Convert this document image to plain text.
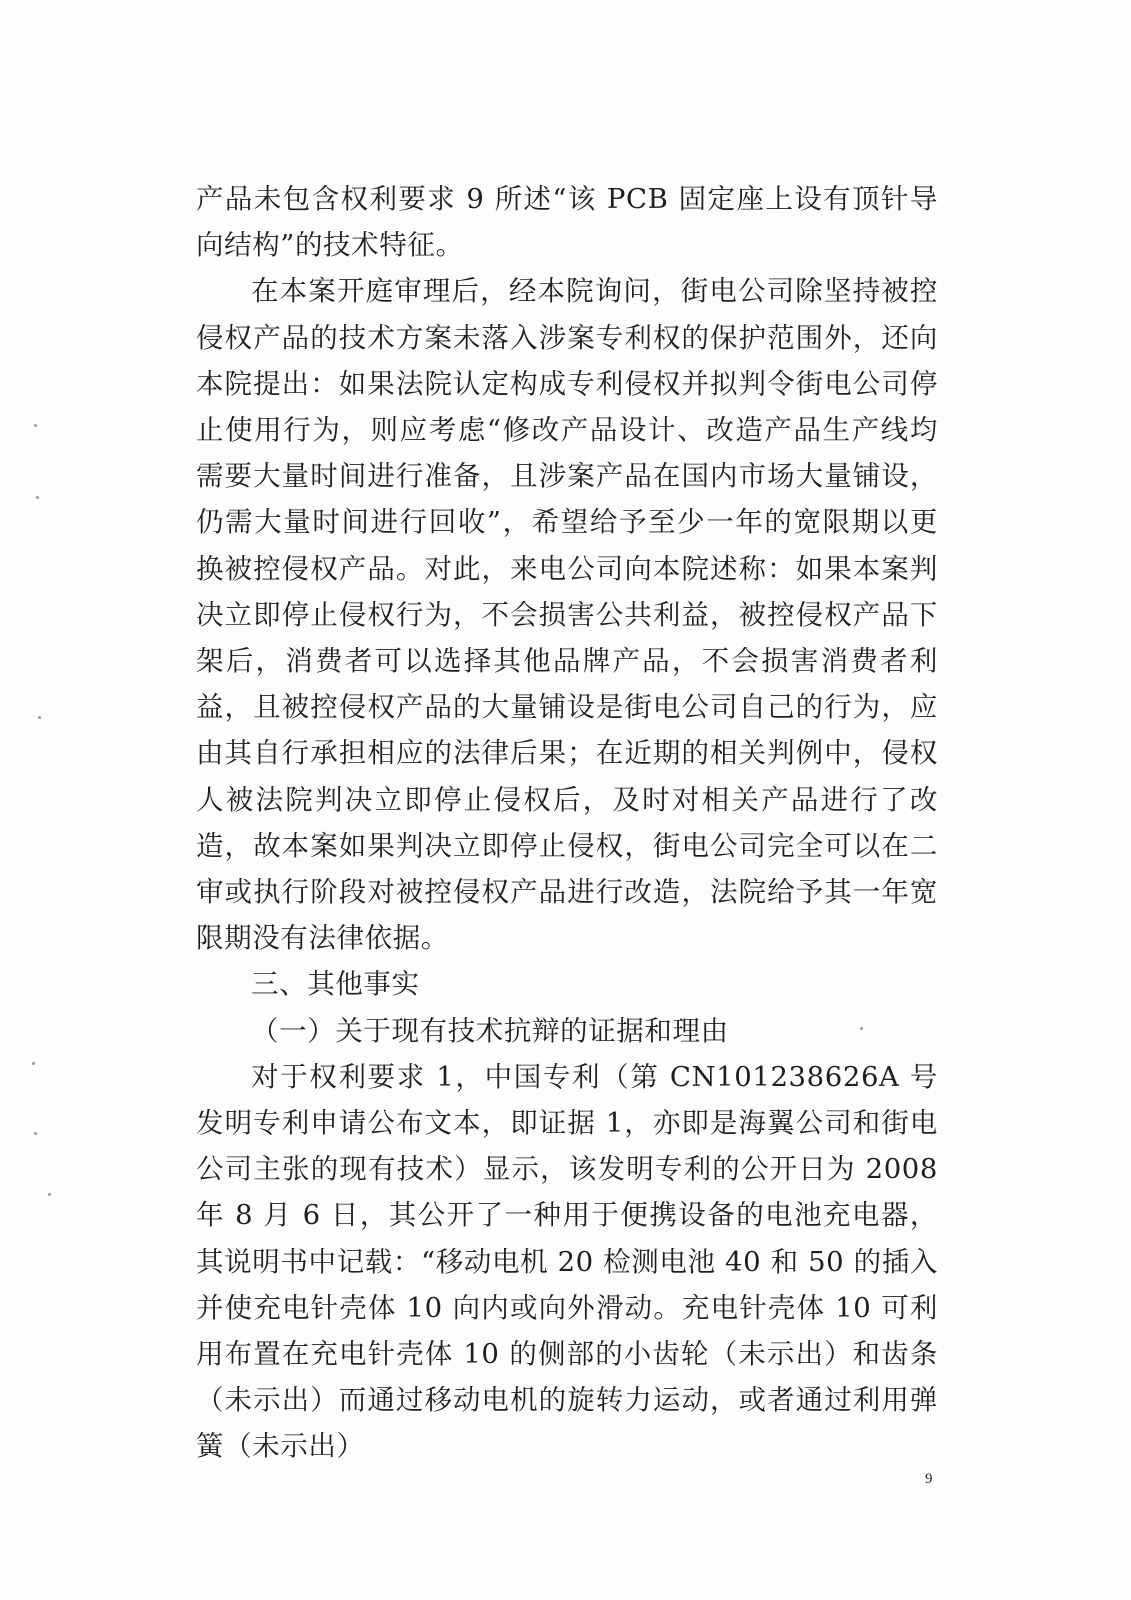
产品未包含权利要求 9 所述“该 PCB 固定座上设有顶针导向结构”的技术特征。

在本案开庭审理后，经本院询问，街电公司除坚持被控侵权产品的技术方案未落入涉案专利权的保护范围外，还向本院提出：如果法院认定构成专利侵权并拟判令街电公司停止使用行为，则应考虑“修改产品设计、改造产品生产线均需要大量时间进行准备，且涉案产品在国内市场大量铺设，仍需大量时间进行回收”，希望给予至少一年的宽限期以更换被控侵权产品。对此，来电公司向本院述称：如果本案判决立即停止侵权行为，不会损害公共利益，被控侵权产品下架后，消费者可以选择其他品牌产品，不会损害消费者利益，且被控侵权产品的大量铺设是街电公司自己的行为，应由其自行承担相应的法律后果；在近期的相关判例中，侵权人被法院判决立即停止侵权后，及时对相关产品进行了改造，故本案如果判决立即停止侵权，街电公司完全可以在二审或执行阶段对被控侵权产品进行改造，法院给予其一年宽限期没有法律依据。

三、其他事实

（一）关于现有技术抗辩的证据和理由

对于权利要求 1，中国专利（第 CN101238626A 号发明专利申请公布文本，即证据 1，亦即是海翼公司和街电公司主张的现有技术）显示，该发明专利的公开日为 2008 年 8 月 6 日，其公开了一种用于便携设备的电池充电器，其说明书中记载：“移动电机 20 检测电池 40 和 50 的插入并使充电针壳体 10 向内或向外滑动。充电针壳体 10 可利用布置在充电针壳体 10 的侧部的小齿轮（未示出）和齿条（未示出）而通过移动电机的旋转力运动，或者通过利用弹簧（未示出）

9
